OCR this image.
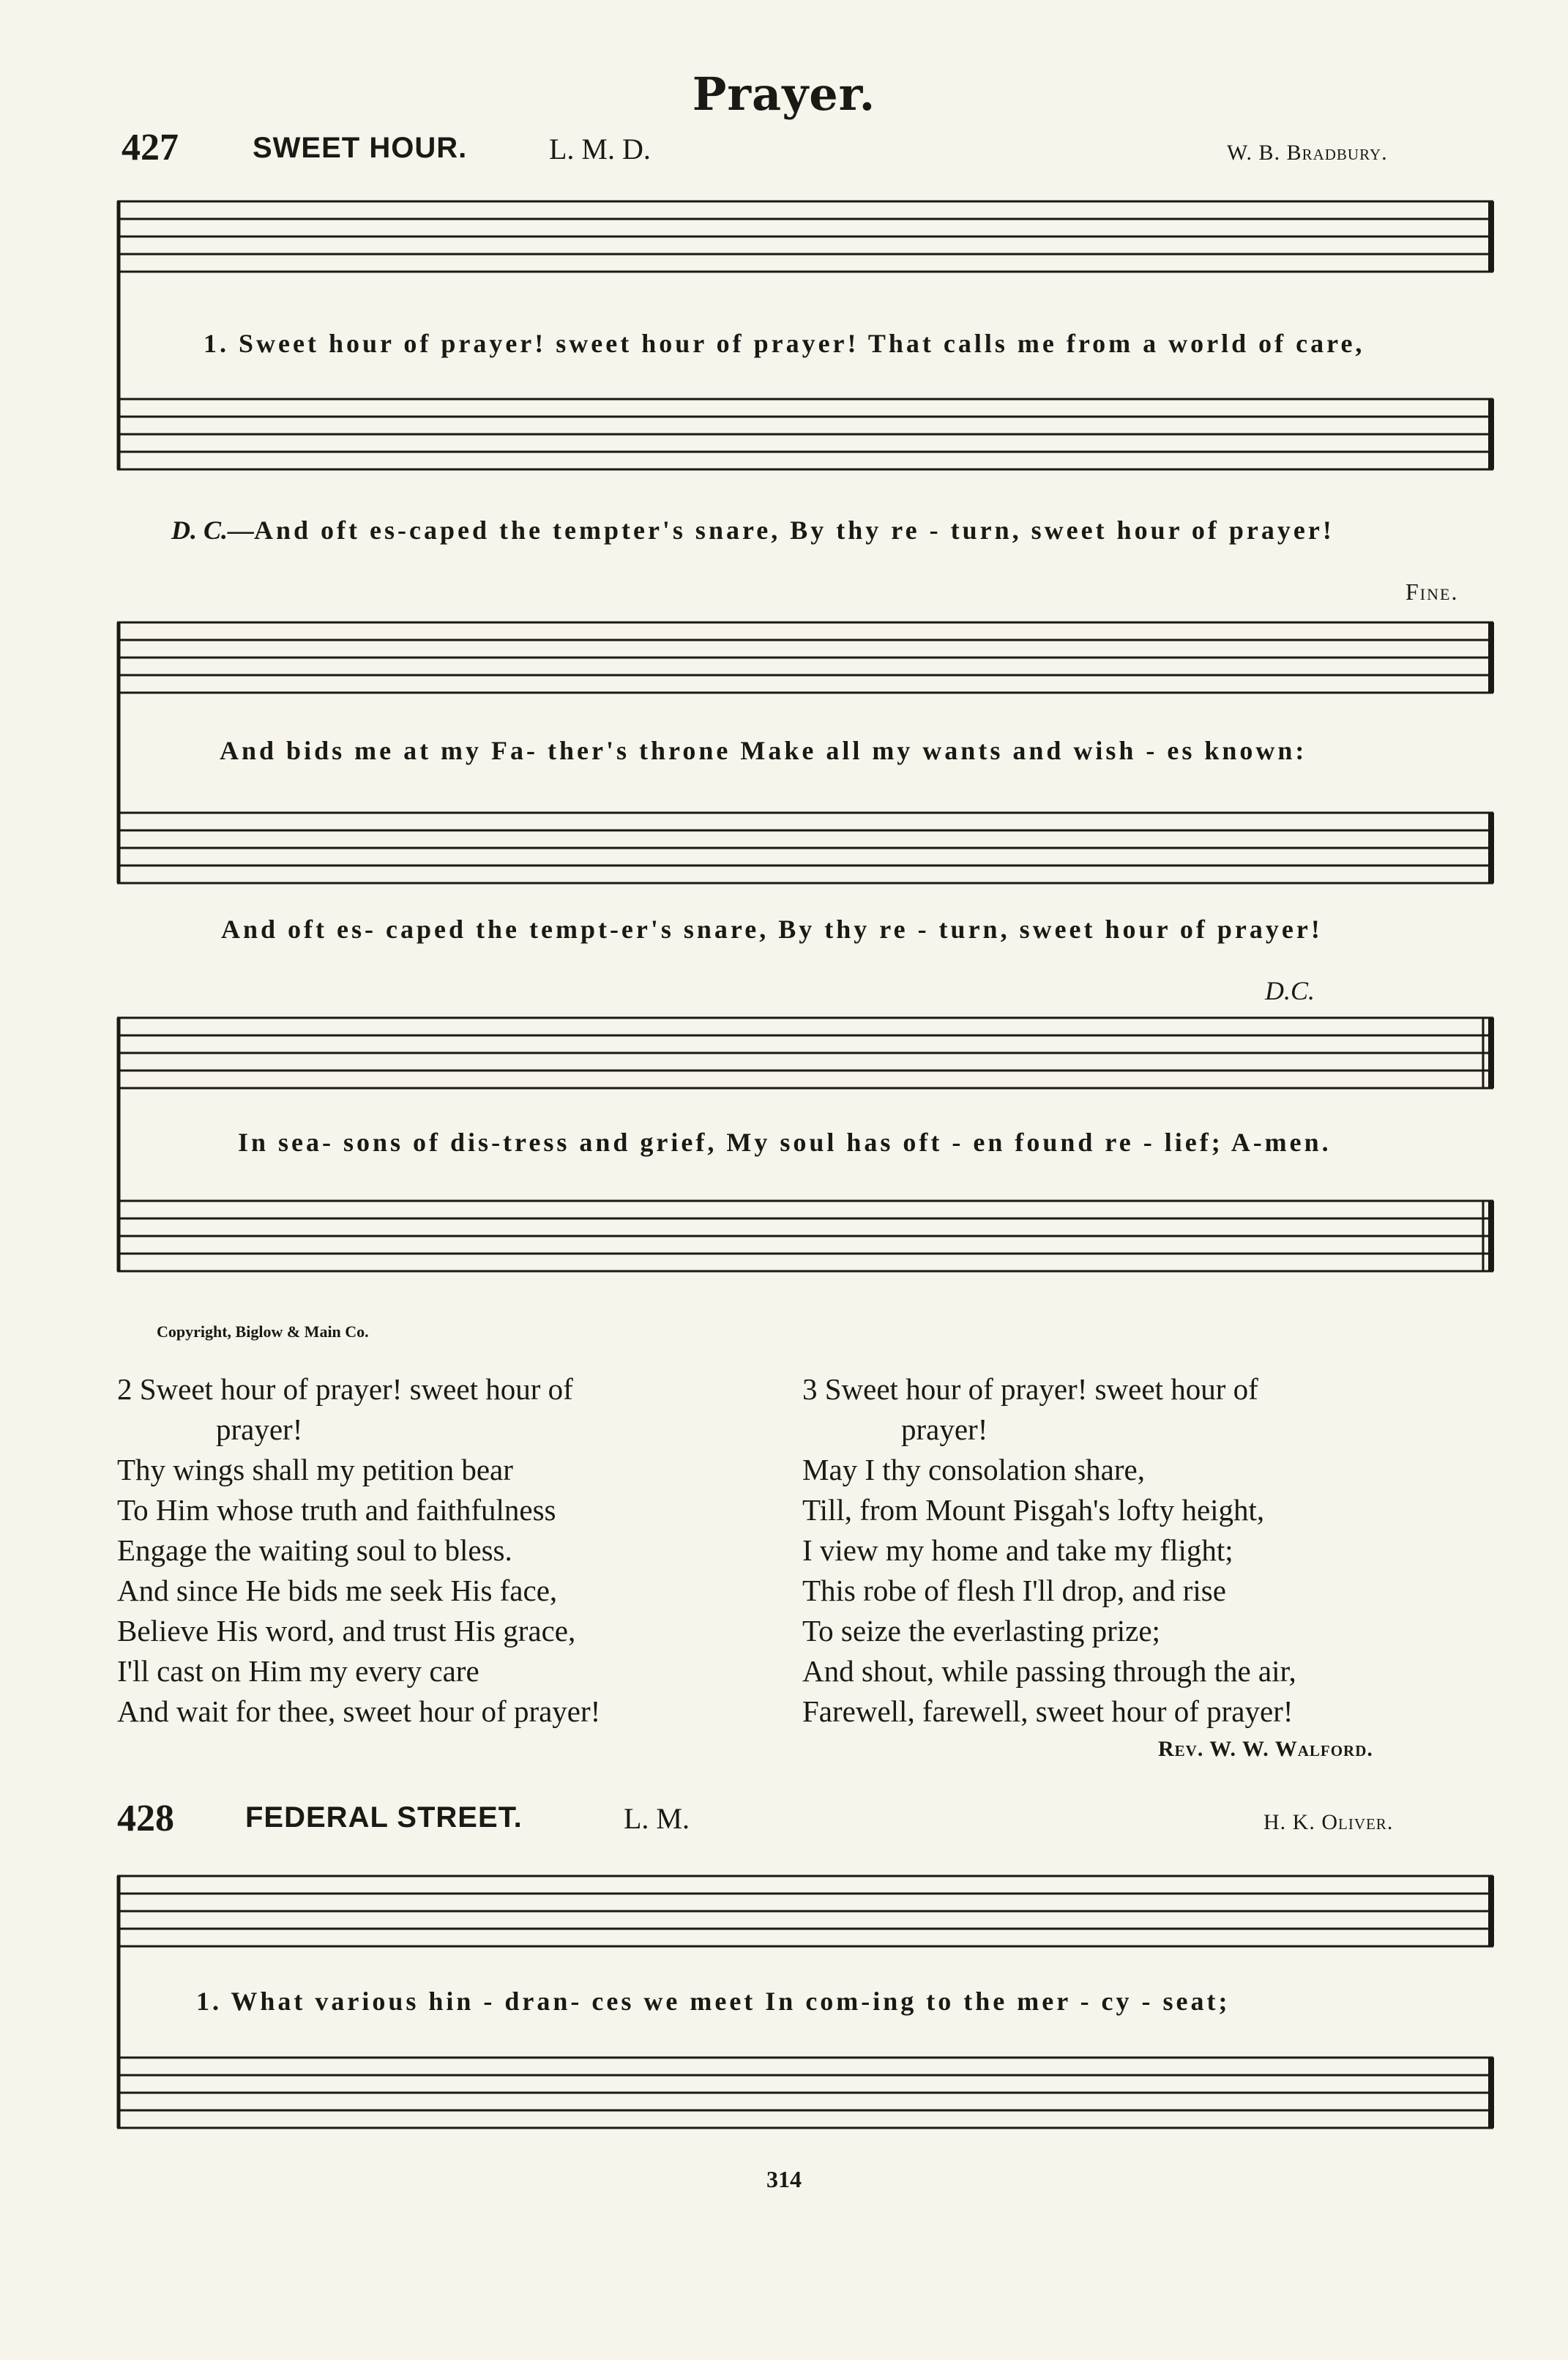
Prayer.
427	SWEET HOUR.	L. M. D.	W. B. Bradbury.
1. Sweet hour of prayer! sweet hour of prayer! That calls me from a world of care,
D. C.—And oft es-caped the tempter's snare, By thy re - turn, sweet hour of prayer!
Fine.
And bids me at my Fa- ther's throne Make all my wants and wish - es known:
And oft es- caped the tempt-er's snare, By thy re - turn, sweet hour of prayer!
D.C.
In sea- sons of dis-tress and grief, My soul has oft - en found re - lief; A-men.
Copyright, Biglow & Main Co.
2 Sweet hour of prayer! sweet hour of
prayer!
Thy wings shall my petition bear
To Him whose truth and faithfulness
Engage the waiting soul to bless.
And since He bids me seek His face,
Believe His word, and trust His grace,
I'll cast on Him my every care
And wait for thee, sweet hour of prayer!
3 Sweet hour of prayer! sweet hour of
prayer!
May I thy consolation share,
Till, from Mount Pisgah's lofty height,
I view my home and take my flight;
This robe of flesh I'll drop, and rise
To seize the everlasting prize;
And shout, while passing through the air,
Farewell, farewell, sweet hour of prayer!
Rev. W. W. Walford.
428 FEDERAL STREET.	L. M.	H. K. Oliver.
1. What various hin - dran- ces we meet In com-ing to the mer - cy - seat;
314
